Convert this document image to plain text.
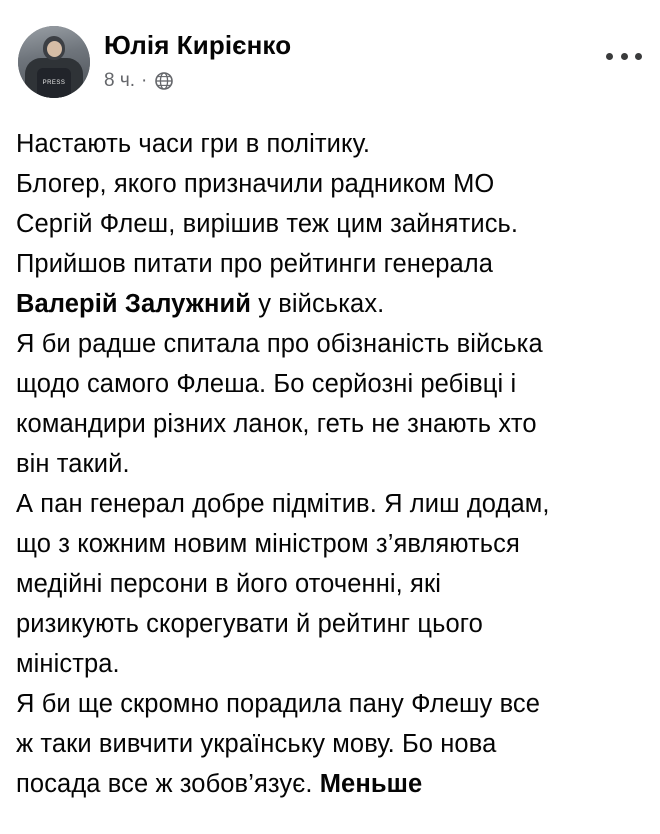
PRESS
Юлія Кирієнко
8 ч. ·

Настають часи гри в політику.

Блогер, якого призначили радником МО

Сергій Флеш, вирішив теж цим зайнятись.

Прийшов питати про рейтинги генерала

Валерій Залужний у військах.

Я би радше спитала про обізнаність війська

щодо самого Флеша. Бо серйозні ребівці і

командири різних ланок, геть не знають хто

він такий.

А пан генерал добре підмітив. Я лиш додам,

що з кожним новим міністром з’являються

медійні персони в його оточенні, які

ризикують скорегувати й рейтинг цього

міністра.

Я би ще скромно порадила пану Флешу все

ж таки вивчити українську мову. Бо нова

посада все ж зобов’язує. Меньше
